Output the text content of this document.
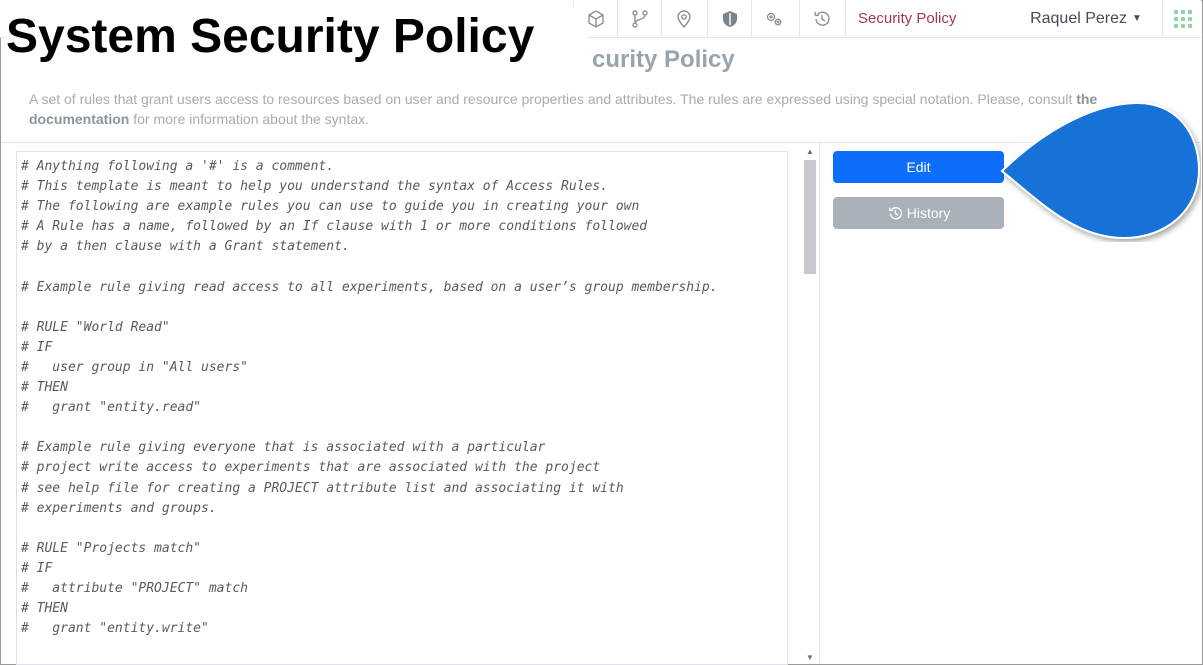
Security Policy	Raquel Perez ▼
curity Policy
System Security Policy
A set of rules that grant users access to resources based on user and resource properties and attributes. The rules are expressed using special notation. Please, consult the documentation for more information about the syntax.
# Anything following a '#' is a comment.
# This template is meant to help you understand the syntax of Access Rules.
# The following are example rules you can use to guide you in creating your own
# A Rule has a name, followed by an If clause with 1 or more conditions followed
# by a then clause with a Grant statement.
# Example rule giving read access to all experiments, based on a user’s group membership.
# RULE "World Read"
# IF
#   user group in "All users"
# THEN
#   grant "entity.read"
# Example rule giving everyone that is associated with a particular
# project write access to experiments that are associated with the project
# see help file for creating a PROJECT attribute list and associating it with
# experiments and groups.
# RULE "Projects match"
# IF
#   attribute "PROJECT" match
# THEN
#   grant "entity.write"
▲
▼
Edit
History
